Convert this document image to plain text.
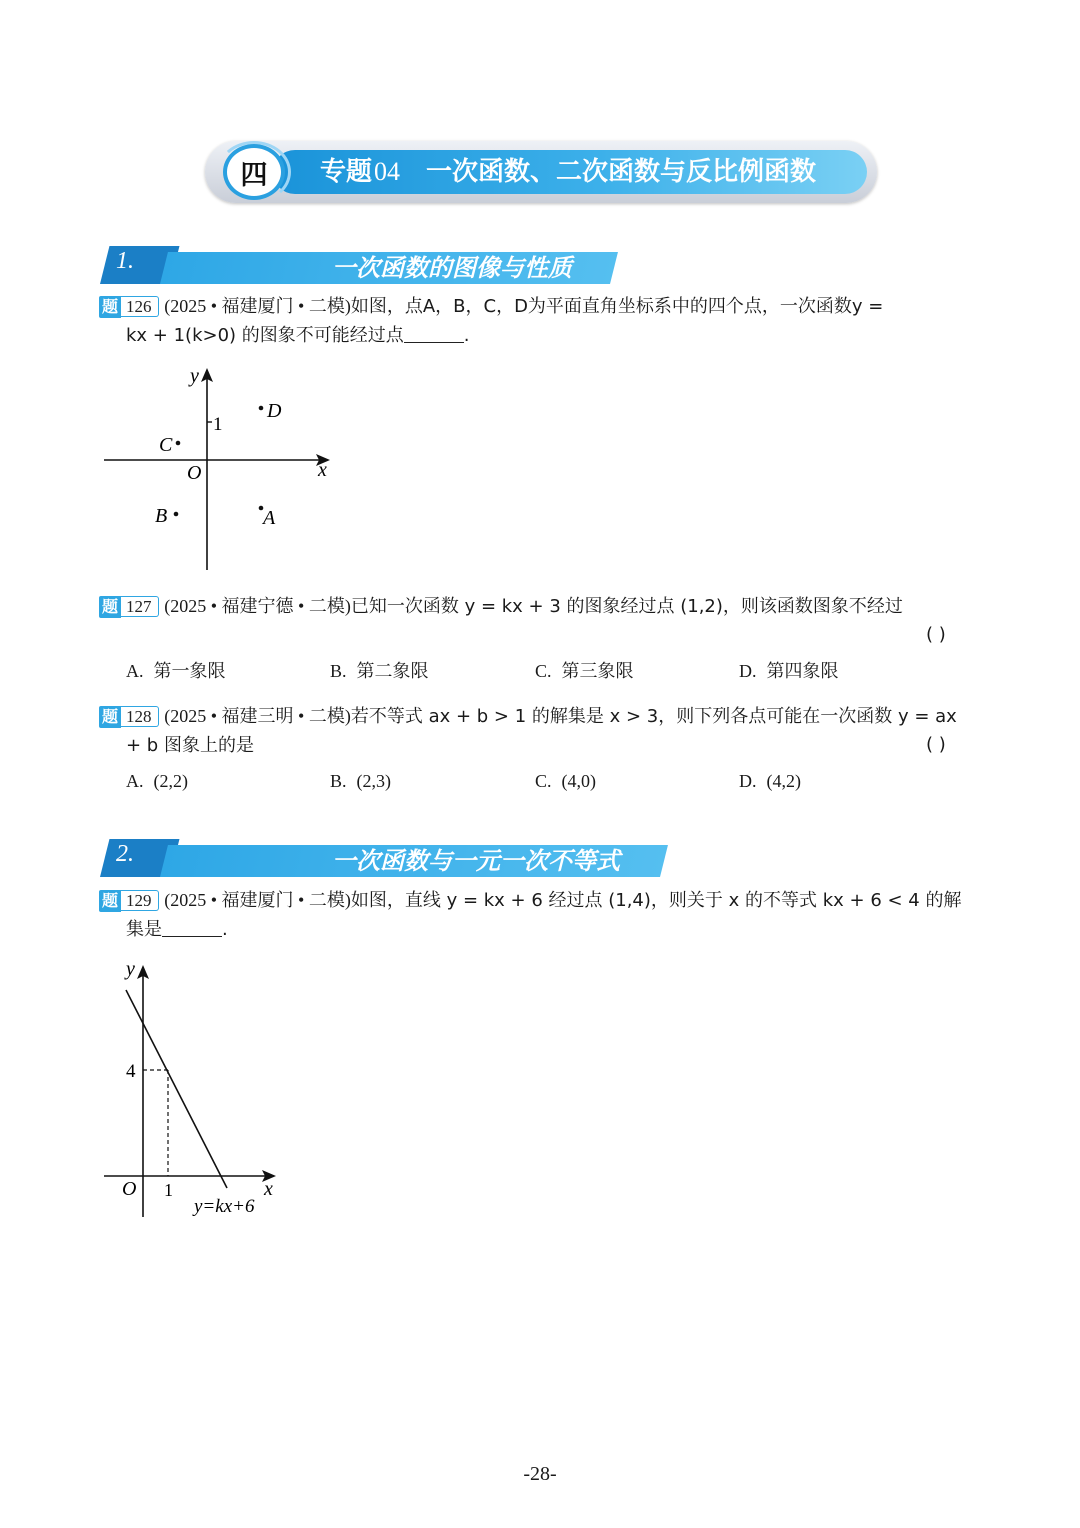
四 专题04 一次函数、二次函数与反比例函数
1.	一次函数的图像与性质
题 126 (2025 • 福建厦门 • 二模)如图，点A，B，C，D为平面直角坐标系中的四个点，一次函数y =
kx + 1(k>0) 的图象不可能经过点	.
x
y
O
1
D
C
B	A
题 127 (2025 • 福建宁德 • 二模)已知一次函数 y = kx + 3 的图象经过点 (1,2)，则该函数图象不经过
( )
A. 第一象限	B. 第二象限	C. 第三象限	D. 第四象限
题 128 (2025 • 福建三明 • 二模)若不等式 ax + b > 1 的解集是 x > 3，则下列各点可能在一次函数 y = ax
+ b 图象上的是	( )
A. (2,2)	B. (2,3)	C. (4,0)	D. (4,2)
2.	一次函数与一元一次不等式
题 129 (2025 • 福建厦门 • 二模)如图，直线 y = kx + 6 经过点 (1,4)，则关于 x 的不等式 kx + 6 < 4 的解
集是	.
x
y
O 1
4
y=kx+6
-28-
